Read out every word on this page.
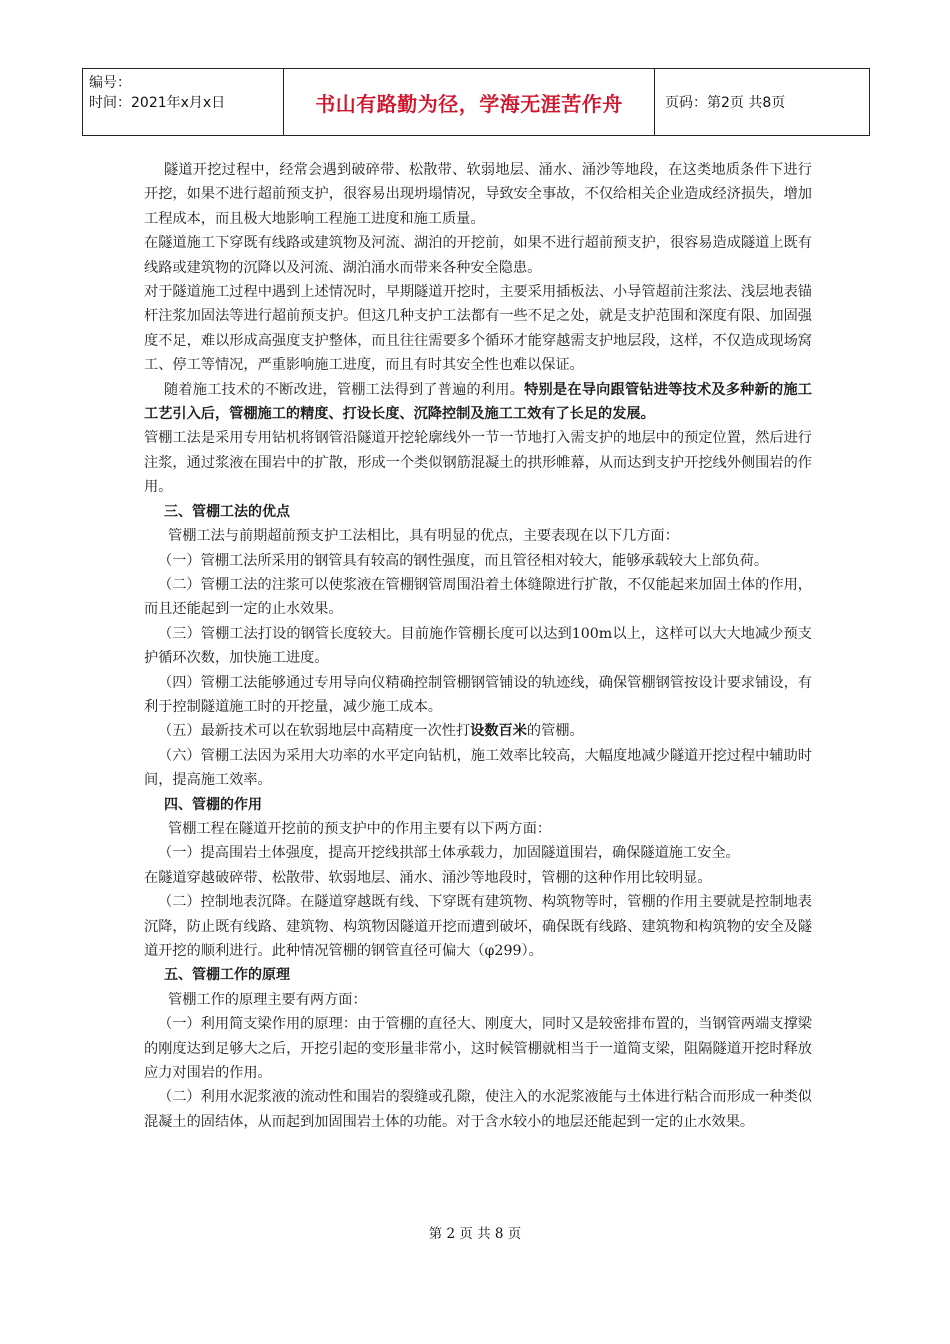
编号：
时间：2021年x月x日	书山有路勤为径，学海无涯苦作舟	页码：第2页 共8页

隧道开挖过程中，经常会遇到破碎带、松散带、软弱地层、涌水、涌沙等地段，在这类地质条件下进行开挖，如果不进行超前预支护，很容易出现坍塌情况，导致安全事故，不仅给相关企业造成经济损失，增加工程成本，而且极大地影响工程施工进度和施工质量。

在隧道施工下穿既有线路或建筑物及河流、湖泊的开挖前，如果不进行超前预支护，很容易造成隧道上既有线路或建筑物的沉降以及河流、湖泊涌水而带来各种安全隐患。

对于隧道施工过程中遇到上述情况时，早期隧道开挖时，主要采用插板法、小导管超前注浆法、浅层地表锚杆注浆加固法等进行超前预支护。但这几种支护工法都有一些不足之处，就是支护范围和深度有限、加固强度不足，难以形成高强度支护整体，而且往往需要多个循环才能穿越需支护地层段，这样，不仅造成现场窝工、停工等情况，严重影响施工进度，而且有时其安全性也难以保证。

随着施工技术的不断改进，管棚工法得到了普遍的利用。特别是在导向跟管钻进等技术及多种新的施工工艺引入后，管棚施工的精度、打设长度、沉降控制及施工工效有了长足的发展。

管棚工法是采用专用钻机将钢管沿隧道开挖轮廓线外一节一节地打入需支护的地层中的预定位置，然后进行注浆，通过浆液在围岩中的扩散，形成一个类似钢筋混凝土的拱形帷幕，从而达到支护开挖线外侧围岩的作用。

三、管棚工法的优点

管棚工法与前期超前预支护工法相比，具有明显的优点，主要表现在以下几方面：

（一）管棚工法所采用的钢管具有较高的钢性强度，而且管径相对较大，能够承载较大上部负荷。

（二）管棚工法的注浆可以使浆液在管棚钢管周围沿着土体缝隙进行扩散，不仅能起来加固土体的作用，而且还能起到一定的止水效果。

（三）管棚工法打设的钢管长度较大。目前施作管棚长度可以达到100m以上，这样可以大大地减少预支护循环次数，加快施工进度。

（四）管棚工法能够通过专用导向仪精确控制管棚钢管铺设的轨迹线，确保管棚钢管按设计要求铺设，有利于控制隧道施工时的开挖量，减少施工成本。

（五）最新技术可以在软弱地层中高精度一次性打设数百米的管棚。

（六）管棚工法因为采用大功率的水平定向钻机，施工效率比较高，大幅度地减少隧道开挖过程中辅助时间，提高施工效率。

四、管棚的作用

管棚工程在隧道开挖前的预支护中的作用主要有以下两方面：

（一）提高围岩土体强度，提高开挖线拱部土体承载力，加固隧道围岩，确保隧道施工安全。

在隧道穿越破碎带、松散带、软弱地层、涌水、涌沙等地段时，管棚的这种作用比较明显。

（二）控制地表沉降。在隧道穿越既有线、下穿既有建筑物、构筑物等时，管棚的作用主要就是控制地表沉降，防止既有线路、建筑物、构筑物因隧道开挖而遭到破坏，确保既有线路、建筑物和构筑物的安全及隧道开挖的顺利进行。此种情况管棚的钢管直径可偏大（φ299）。

五、管棚工作的原理

管棚工作的原理主要有两方面：

（一）利用简支梁作用的原理：由于管棚的直径大、刚度大，同时又是较密排布置的，当钢管两端支撑梁的刚度达到足够大之后，开挖引起的变形量非常小，这时候管棚就相当于一道简支梁，阻隔隧道开挖时释放应力对围岩的作用。

（二）利用水泥浆液的流动性和围岩的裂缝或孔隙，使注入的水泥浆液能与土体进行粘合而形成一种类似混凝土的固结体，从而起到加固围岩土体的功能。对于含水较小的地层还能起到一定的止水效果。

第 2 页 共 8 页
